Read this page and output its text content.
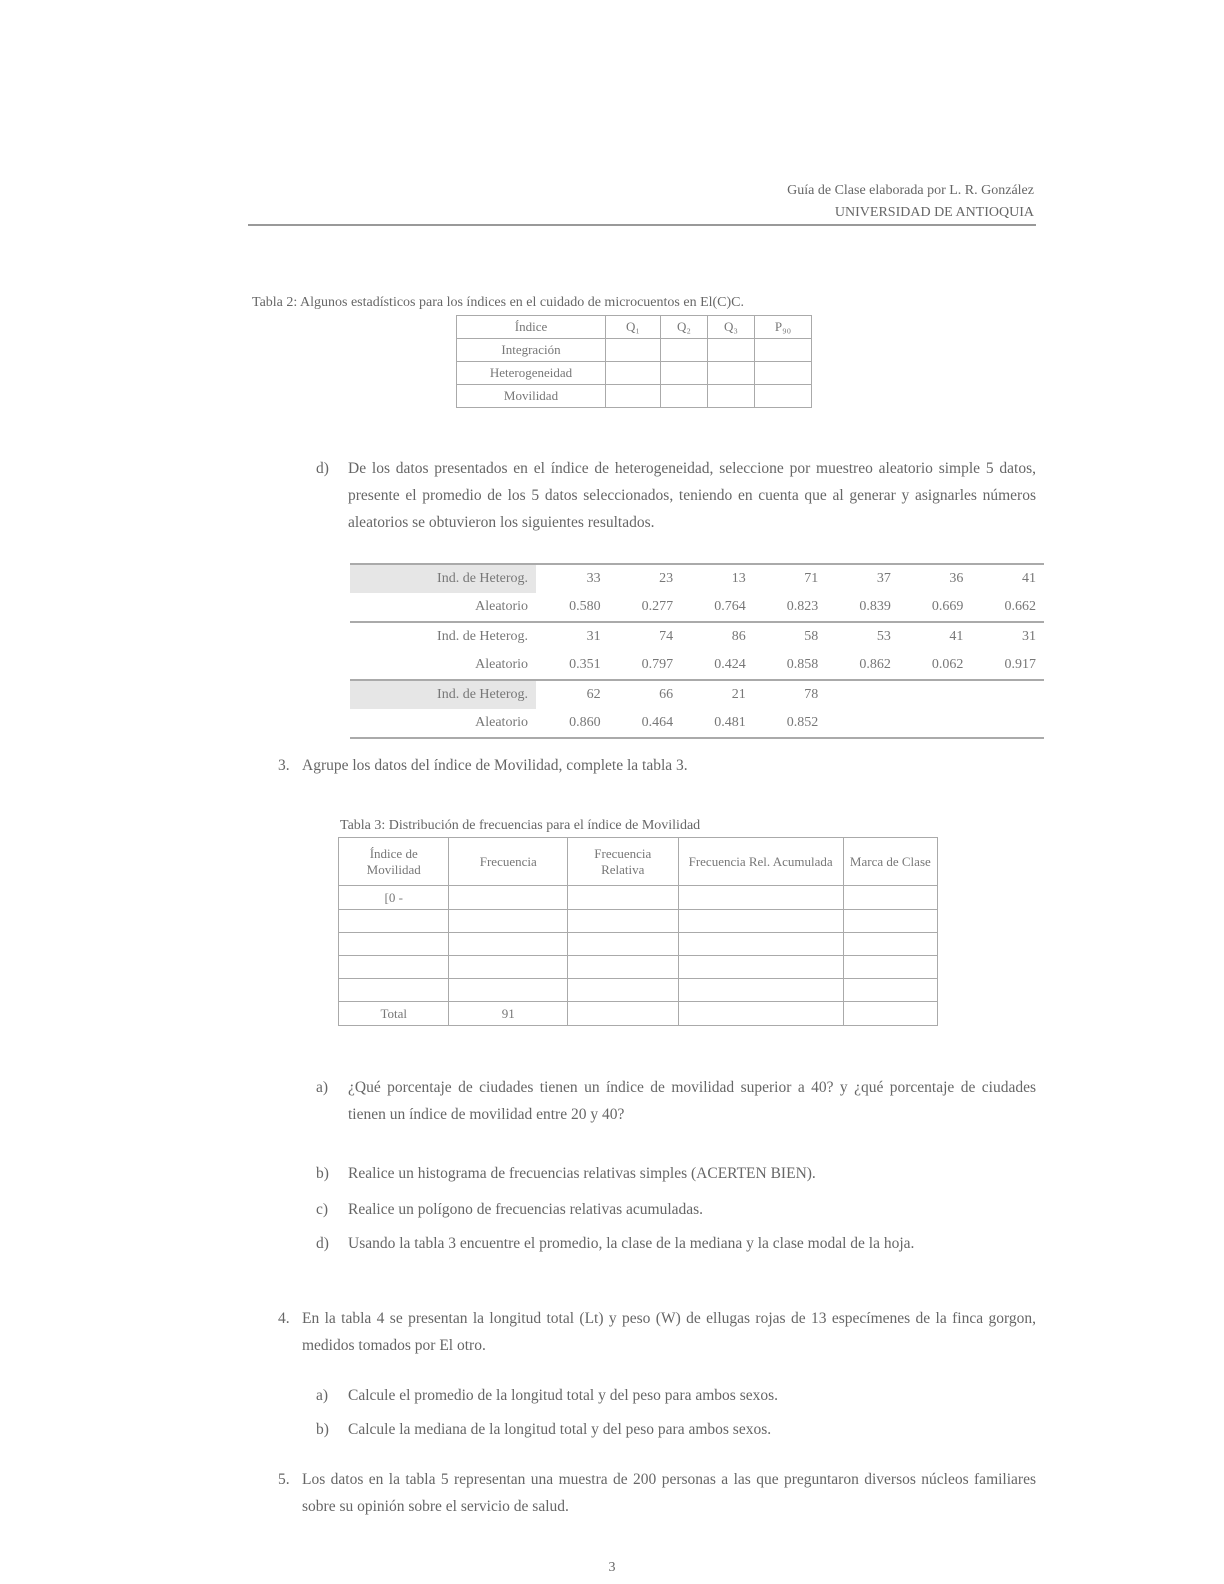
Guía de Clase elaborada por L. R. González
UNIVERSIDAD DE ANTIOQUIA
Tabla 2: Algunos estadísticos para los índices en el cuidado de microcuentos en El(C)C.
Índice	Q₁	Q₂	Q₃	P₉₀
Integración				
Heterogeneidad				
Movilidad				
d)	De los datos presentados en el índice de heterogeneidad, seleccione por muestreo aleatorio simple 5 datos, presente el promedio de los 5 datos seleccionados, teniendo en cuenta que al generar y asignarles números aleatorios se obtuvieron los siguientes resultados.
Ind. de Heterog.	33	23	13	71	37	36	41
Aleatorio	0.580	0.277	0.764	0.823	0.839	0.669	0.662
Ind. de Heterog.	31	74	86	58	53	41	31
Aleatorio	0.351	0.797	0.424	0.858	0.862	0.062	0.917
Ind. de Heterog.	62	66	21	78			
Aleatorio	0.860	0.464	0.481	0.852			
3. Agrupe los datos del índice de Movilidad, complete la tabla 3.
Tabla 3: Distribución de frecuencias para el índice de Movilidad
Índice de Movilidad	Frecuencia	Frecuencia Relativa	Frecuencia Rel. Acumulada	Marca de Clase
[0 -				

Total	91			
a)	¿Qué porcentaje de ciudades tienen un índice de movilidad superior a 40? y ¿qué porcentaje de ciudades tienen un índice de movilidad entre 20 y 40?
b)	Realice un histograma de frecuencias relativas simples (ACERTEN BIEN).
c)	Realice un polígono de frecuencias relativas acumuladas.
d)	Usando la tabla 3 encuentre el promedio, la clase de la mediana y la clase modal de la hoja.
4. En la tabla 4 se presentan la longitud total (Lt) y peso (W) de ellugas rojas de 13 especímenes de la finca gorgon, medidos tomados por El otro.
a)	Calcule el promedio de la longitud total y del peso para ambos sexos.
b)	Calcule la mediana de la longitud total y del peso para ambos sexos.
5. Los datos en la tabla 5 representan una muestra de 200 personas a las que preguntaron diversos núcleos familiares sobre su opinión sobre el servicio de salud.
3
